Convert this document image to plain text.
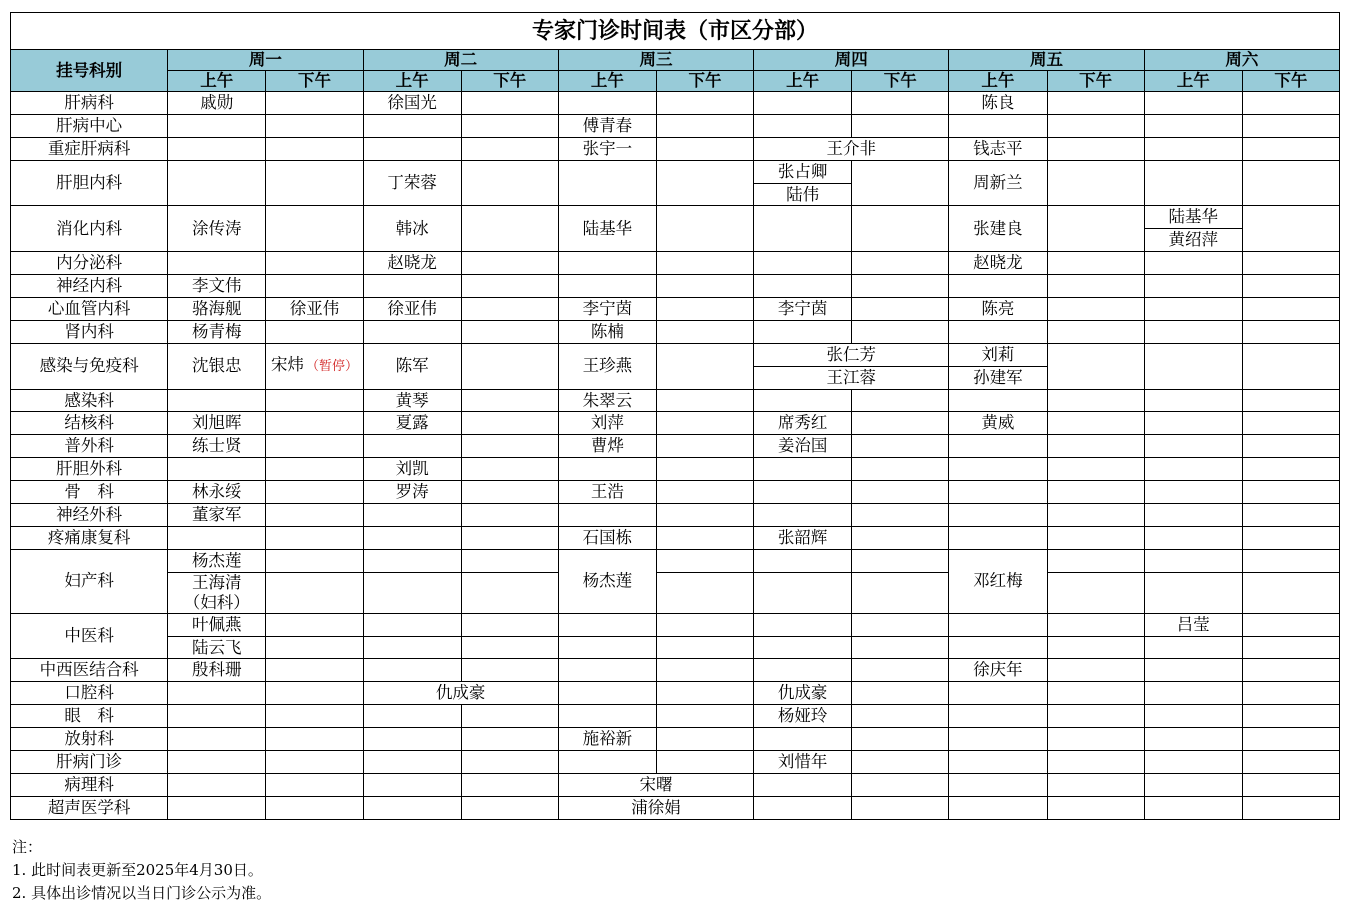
专家门诊时间表（市区分部）												
挂号科别	周一		周二		周三		周四		周五		周六	
	上午	下午	上午	下午	上午	下午	上午	下午	上午	下午	上午	下午
肝病科	戚勋		徐国光						陈良			
肝病中心					傅青春							
重症肝病科					张宇一		王介非		钱志平			
肝胆内科			丁荣蓉				张占卿		周新兰			
							陆伟					
消化内科	涂传涛		韩冰		陆基华				张建良		陆基华	
											黄绍萍	
内分泌科			赵晓龙						赵晓龙			
神经内科	李文伟											
心血管内科	骆海舰	徐亚伟	徐亚伟		李宁茵		李宁茵		陈亮			
肾内科	杨青梅				陈楠							
感染与免疫科	沈银忠	宋炜 （暂停）	陈军		王珍燕		张仁芳		刘莉			
							王江蓉		孙建军			
感染科			黄琴		朱翠云							
结核科	刘旭晖		夏露		刘萍		席秀红		黄威			
普外科	练士贤				曹烨		姜治国					
肝胆外科			刘凯									
骨　科	林永绥		罗涛		王浩							
神经外科	董家军											
疼痛康复科					石国栋		张韶辉					
妇产科	杨杰莲				杨杰莲				邓红梅			

	王海清
（妇科）											

中医科	叶佩燕										吕莹	
	陆云飞											
中西医结合科	殷科珊								徐庆年			
口腔科			仇成豪				仇成豪					
眼　科							杨娅玲					
放射科					施裕新							
肝病门诊							刘惜年					
病理科					宋曙							
超声医学科					浦徐娟							
注：
1. 此时间表更新至2025年4月30日。
2. 具体出诊情况以当日门诊公示为准。
